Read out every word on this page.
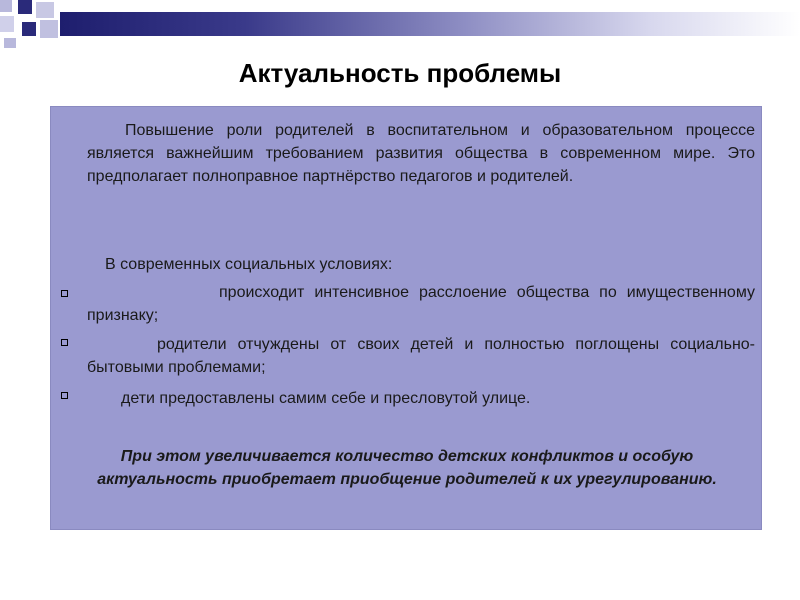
Актуальность проблемы
Повышение роли родителей в воспитательном и образовательном процессе является важнейшим требованием развития общества в современном мире. Это предполагает полноправное партнёрство педагогов и родителей.
В современных социальных условиях:
происходит интенсивное расслоение общества по имущественному признаку;
родители отчуждены от своих детей и полностью поглощены социально-бытовыми проблемами;
дети предоставлены самим себе и пресловутой улице.
При этом увеличивается количество детских конфликтов и особую актуальность приобретает приобщение родителей к их урегулированию.
